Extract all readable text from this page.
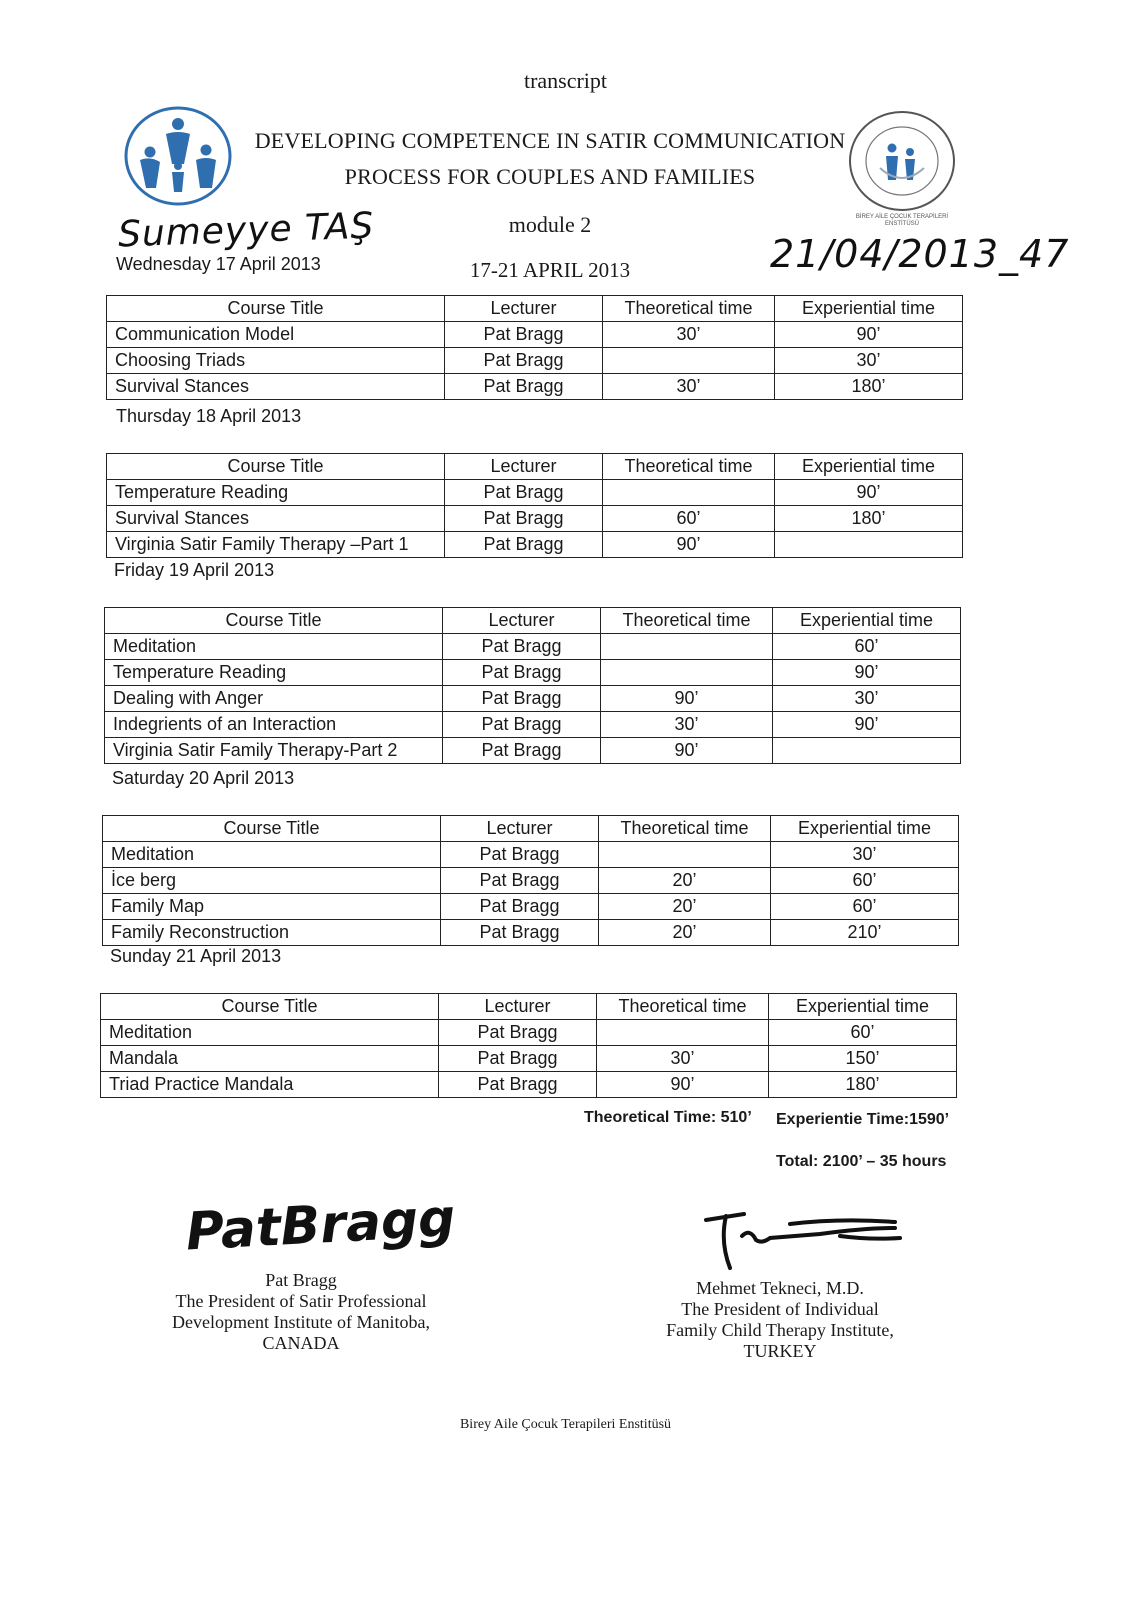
transcript
DEVELOPING COMPETENCE IN SATIR COMMUNICATION
PROCESS FOR COUPLES AND FAMILIES
BİREY AİLE ÇOCUK TERAPİLERİ ENSTİTÜSÜ
module 2
17-21 APRIL 2013
Sumeyye TAŞ	21/04/2013_47
Wednesday 17 April 2013
Course Title	Lecturer	Theoretical time	Experiential time
Communication Model	Pat Bragg	30’	90’
Choosing Triads	Pat Bragg		30’
Survival Stances	Pat Bragg	30’	180’
Thursday 18 April 2013
Course Title	Lecturer	Theoretical time	Experiential time
Temperature Reading	Pat Bragg		90’
Survival Stances	Pat Bragg	60’	180’
Virginia Satir Family Therapy –Part 1	Pat Bragg	90’	
Friday 19 April 2013
Course Title	Lecturer	Theoretical time	Experiential time
Meditation	Pat Bragg		60’
Temperature Reading	Pat Bragg		90’
Dealing with Anger	Pat Bragg	90’	30’
Indegrients of an Interaction	Pat Bragg	30’	90’
Virginia Satir Family Therapy-Part 2	Pat Bragg	90’	
Saturday 20 April 2013
Course Title	Lecturer	Theoretical time	Experiential time
Meditation	Pat Bragg		30’
İce berg	Pat Bragg	20’	60’
Family Map	Pat Bragg	20’	60’
Family Reconstruction	Pat Bragg	20’	210’
Sunday 21 April 2013
Course Title	Lecturer	Theoretical time	Experiential time
Meditation	Pat Bragg		60’
Mandala	Pat Bragg	30’	150’
Triad Practice Mandala	Pat Bragg	90’	180’
Theoretical Time: 510’ Experientie Time:1590’
Total: 2100’ – 35 hours
PatBragg
Pat Bragg
The President of Satir Professional
Development Institute of Manitoba,
CANADA
Mehmet Tekneci, M.D.
The President of Individual
Family Child Therapy Institute,
TURKEY
Birey Aile Çocuk Terapileri Enstitüsü
